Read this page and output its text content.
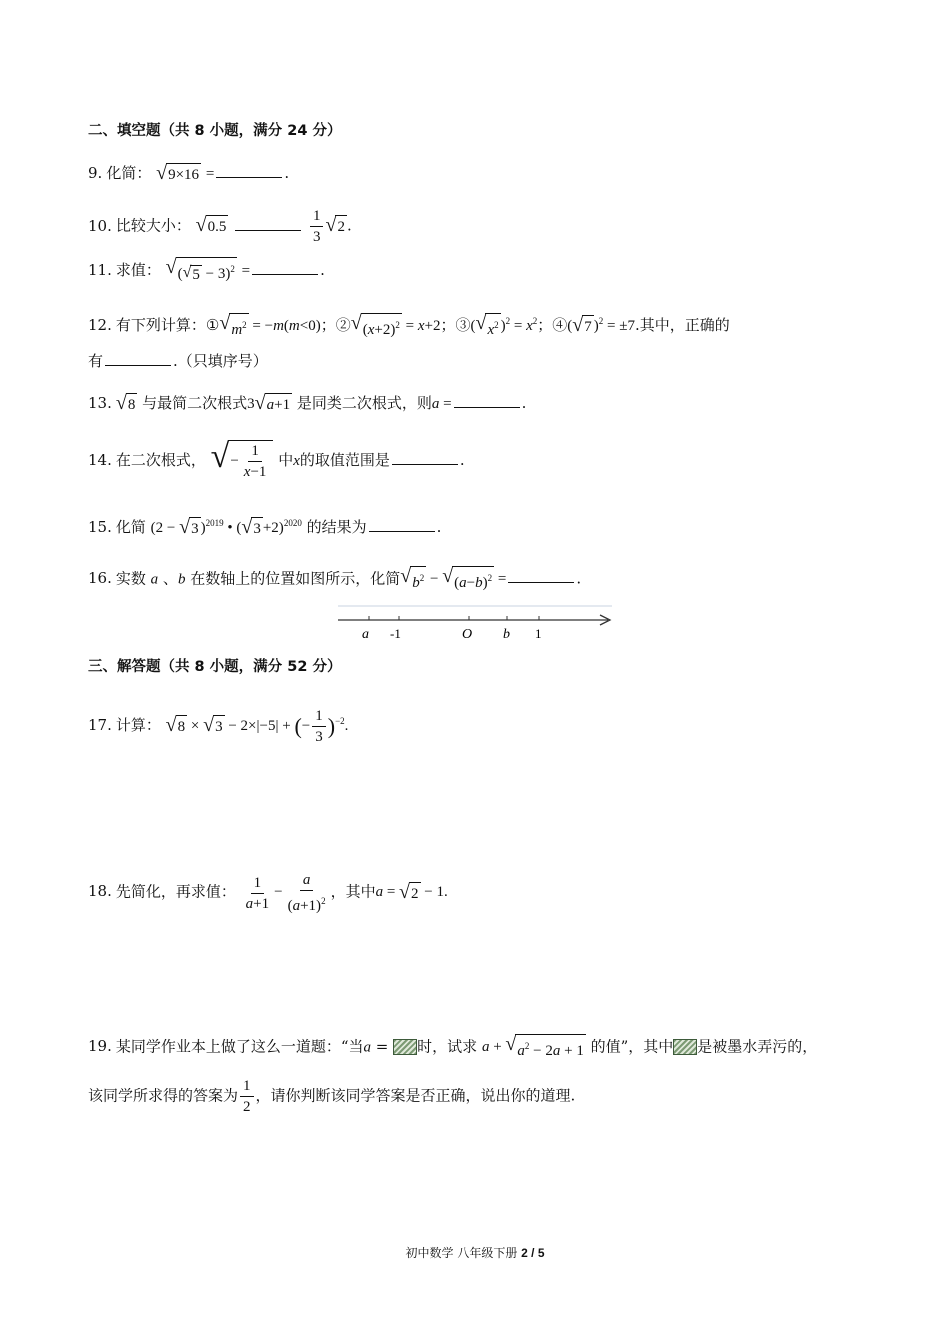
二、填空题（共 8 小题，满分 24 分）
9. 化简： √ 9×16 =	.
10. 比较大小： √ 0.5
	$\frac{1}{3}$ √ 2 .
11. 求值： √ ( √ 5 − 3)$^2$ =	.
12. 有下列计算：① √ $m^2 = -m(m<0)$；② √ $(x+2)^2 = x+2$；③( √ $x^2$ )$^2 = x^2$；④( √ 7 )$^2$ = ±7.其中，正确的
有	.（只填序号）
13. √ 8 与最简二次根式3 √ a+1 是同类二次根式，则a =	.
14. 在二次根式， √ − $\frac{1}{x-1}$ 中x的取值范围是	.
15. 化简 (2 − √ 3 )$^{2019}$ • ( √ 3 +2)$^{2020}$ 的结果为	.
16. 实数 a 、b 在数轴上的位置如图所示，化简 √ $b^2$ − √ $(a-b)^2$ =	.
a -1	O b 1
三、解答题（共 8 小题，满分 52 分）
17. 计算： √ 8 × √ 3 − 2×|−5| + (− $\frac{1}{3} )^{-2}$.
18. 先简化，再求值： $\frac{1}{a+1} - \frac{a}{(a+1)^2}$ ，其中a = √ 2 − 1.
19. 某同学作业本上做了这么一道题：“当a = 时，试求 a + √ $a^2 - 2a + 1$ 的值”，其中 是被墨水弄污的，
该同学所求得的答案为 $\frac{1}{2}$ ，请你判断该同学答案是否正确，说出你的道理.
初中数学 八年级下册 2 / 5
